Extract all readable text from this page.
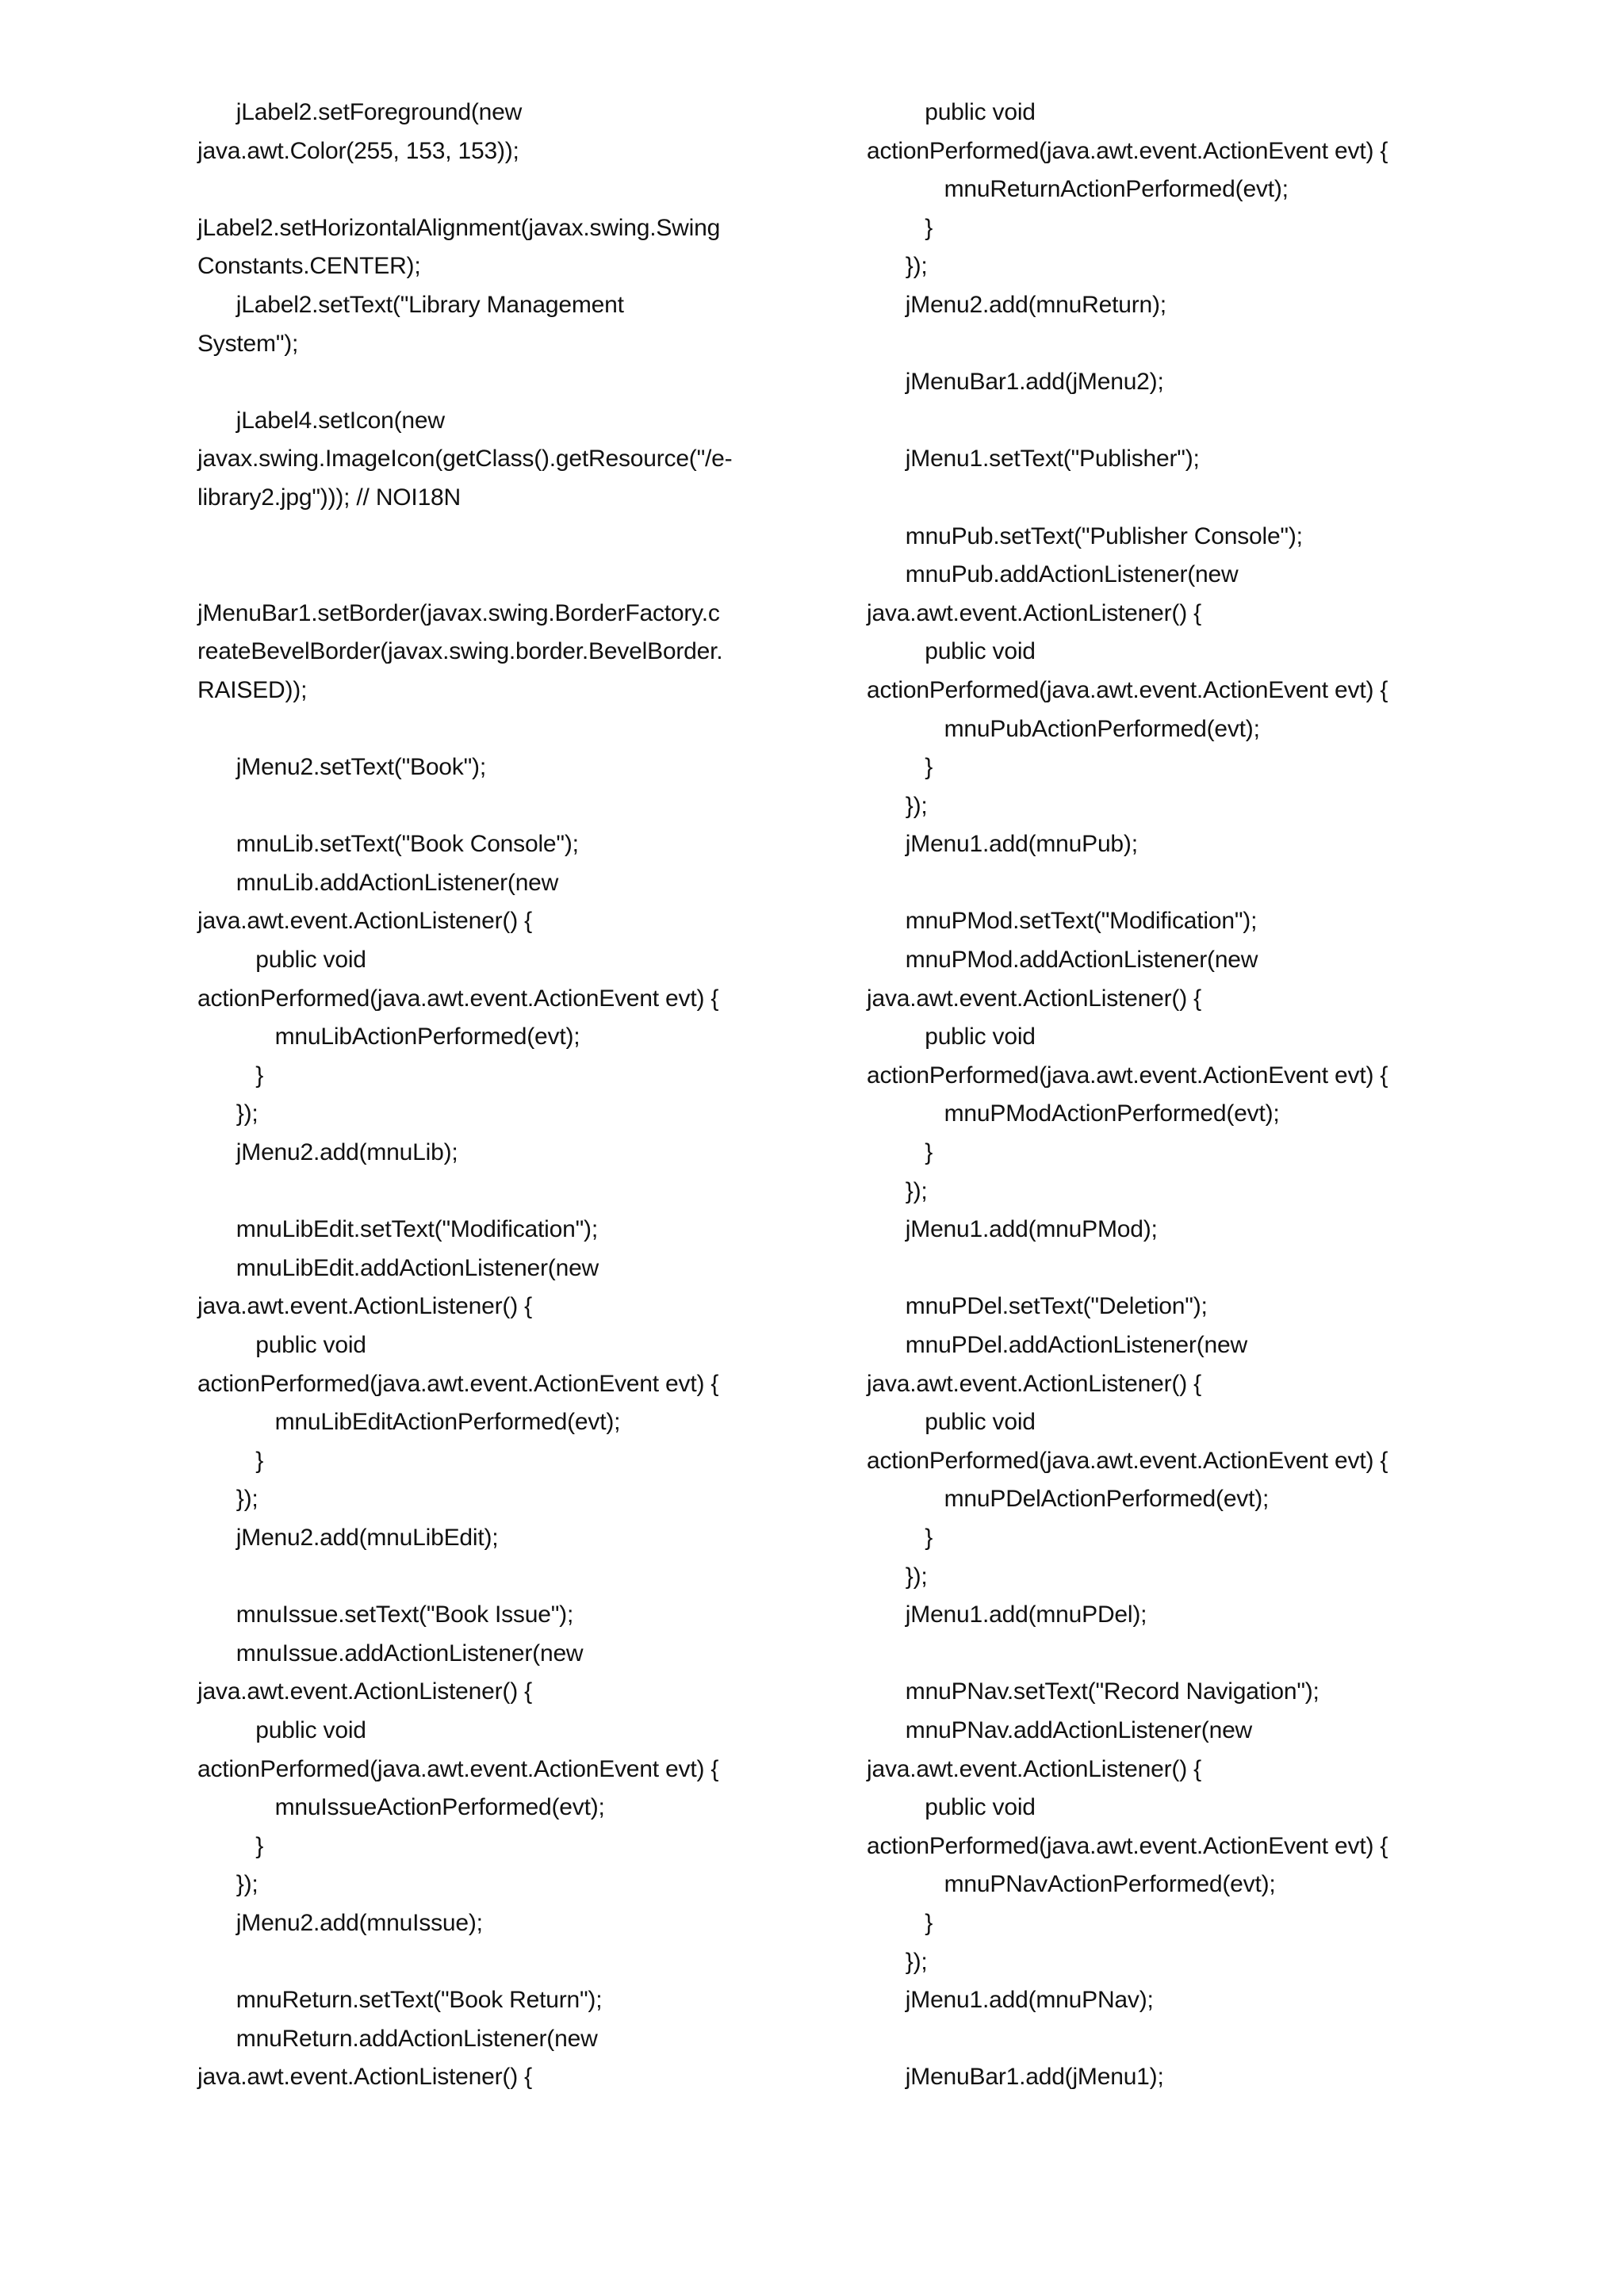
jLabel2.setForeground(new
java.awt.Color(255, 153, 153));
jLabel2.setHorizontalAlignment(javax.swing.Swing
Constants.CENTER);
jLabel2.setText("Library Management
System");
jLabel4.setIcon(new
javax.swing.ImageIcon(getClass().getResource("/e-
library2.jpg"))); // NOI18N
jMenuBar1.setBorder(javax.swing.BorderFactory.c
reateBevelBorder(javax.swing.border.BevelBorder.
RAISED));
jMenu2.setText("Book");
mnuLib.setText("Book Console");
mnuLib.addActionListener(new
java.awt.event.ActionListener() {
public void
actionPerformed(java.awt.event.ActionEvent evt) {
mnuLibActionPerformed(evt);
}
});
jMenu2.add(mnuLib);
mnuLibEdit.setText("Modification");
mnuLibEdit.addActionListener(new
java.awt.event.ActionListener() {
public void
actionPerformed(java.awt.event.ActionEvent evt) {
mnuLibEditActionPerformed(evt);
}
});
jMenu2.add(mnuLibEdit);
mnuIssue.setText("Book Issue");
mnuIssue.addActionListener(new
java.awt.event.ActionListener() {
public void
actionPerformed(java.awt.event.ActionEvent evt) {
mnuIssueActionPerformed(evt);
}
});
jMenu2.add(mnuIssue);
mnuReturn.setText("Book Return");
mnuReturn.addActionListener(new
java.awt.event.ActionListener() {
public void
actionPerformed(java.awt.event.ActionEvent evt) {
mnuReturnActionPerformed(evt);
}
});
jMenu2.add(mnuReturn);
jMenuBar1.add(jMenu2);
jMenu1.setText("Publisher");
mnuPub.setText("Publisher Console");
mnuPub.addActionListener(new
java.awt.event.ActionListener() {
public void
actionPerformed(java.awt.event.ActionEvent evt) {
mnuPubActionPerformed(evt);
}
});
jMenu1.add(mnuPub);
mnuPMod.setText("Modification");
mnuPMod.addActionListener(new
java.awt.event.ActionListener() {
public void
actionPerformed(java.awt.event.ActionEvent evt) {
mnuPModActionPerformed(evt);
}
});
jMenu1.add(mnuPMod);
mnuPDel.setText("Deletion");
mnuPDel.addActionListener(new
java.awt.event.ActionListener() {
public void
actionPerformed(java.awt.event.ActionEvent evt) {
mnuPDelActionPerformed(evt);
}
});
jMenu1.add(mnuPDel);
mnuPNav.setText("Record Navigation");
mnuPNav.addActionListener(new
java.awt.event.ActionListener() {
public void
actionPerformed(java.awt.event.ActionEvent evt) {
mnuPNavActionPerformed(evt);
}
});
jMenu1.add(mnuPNav);
jMenuBar1.add(jMenu1);
